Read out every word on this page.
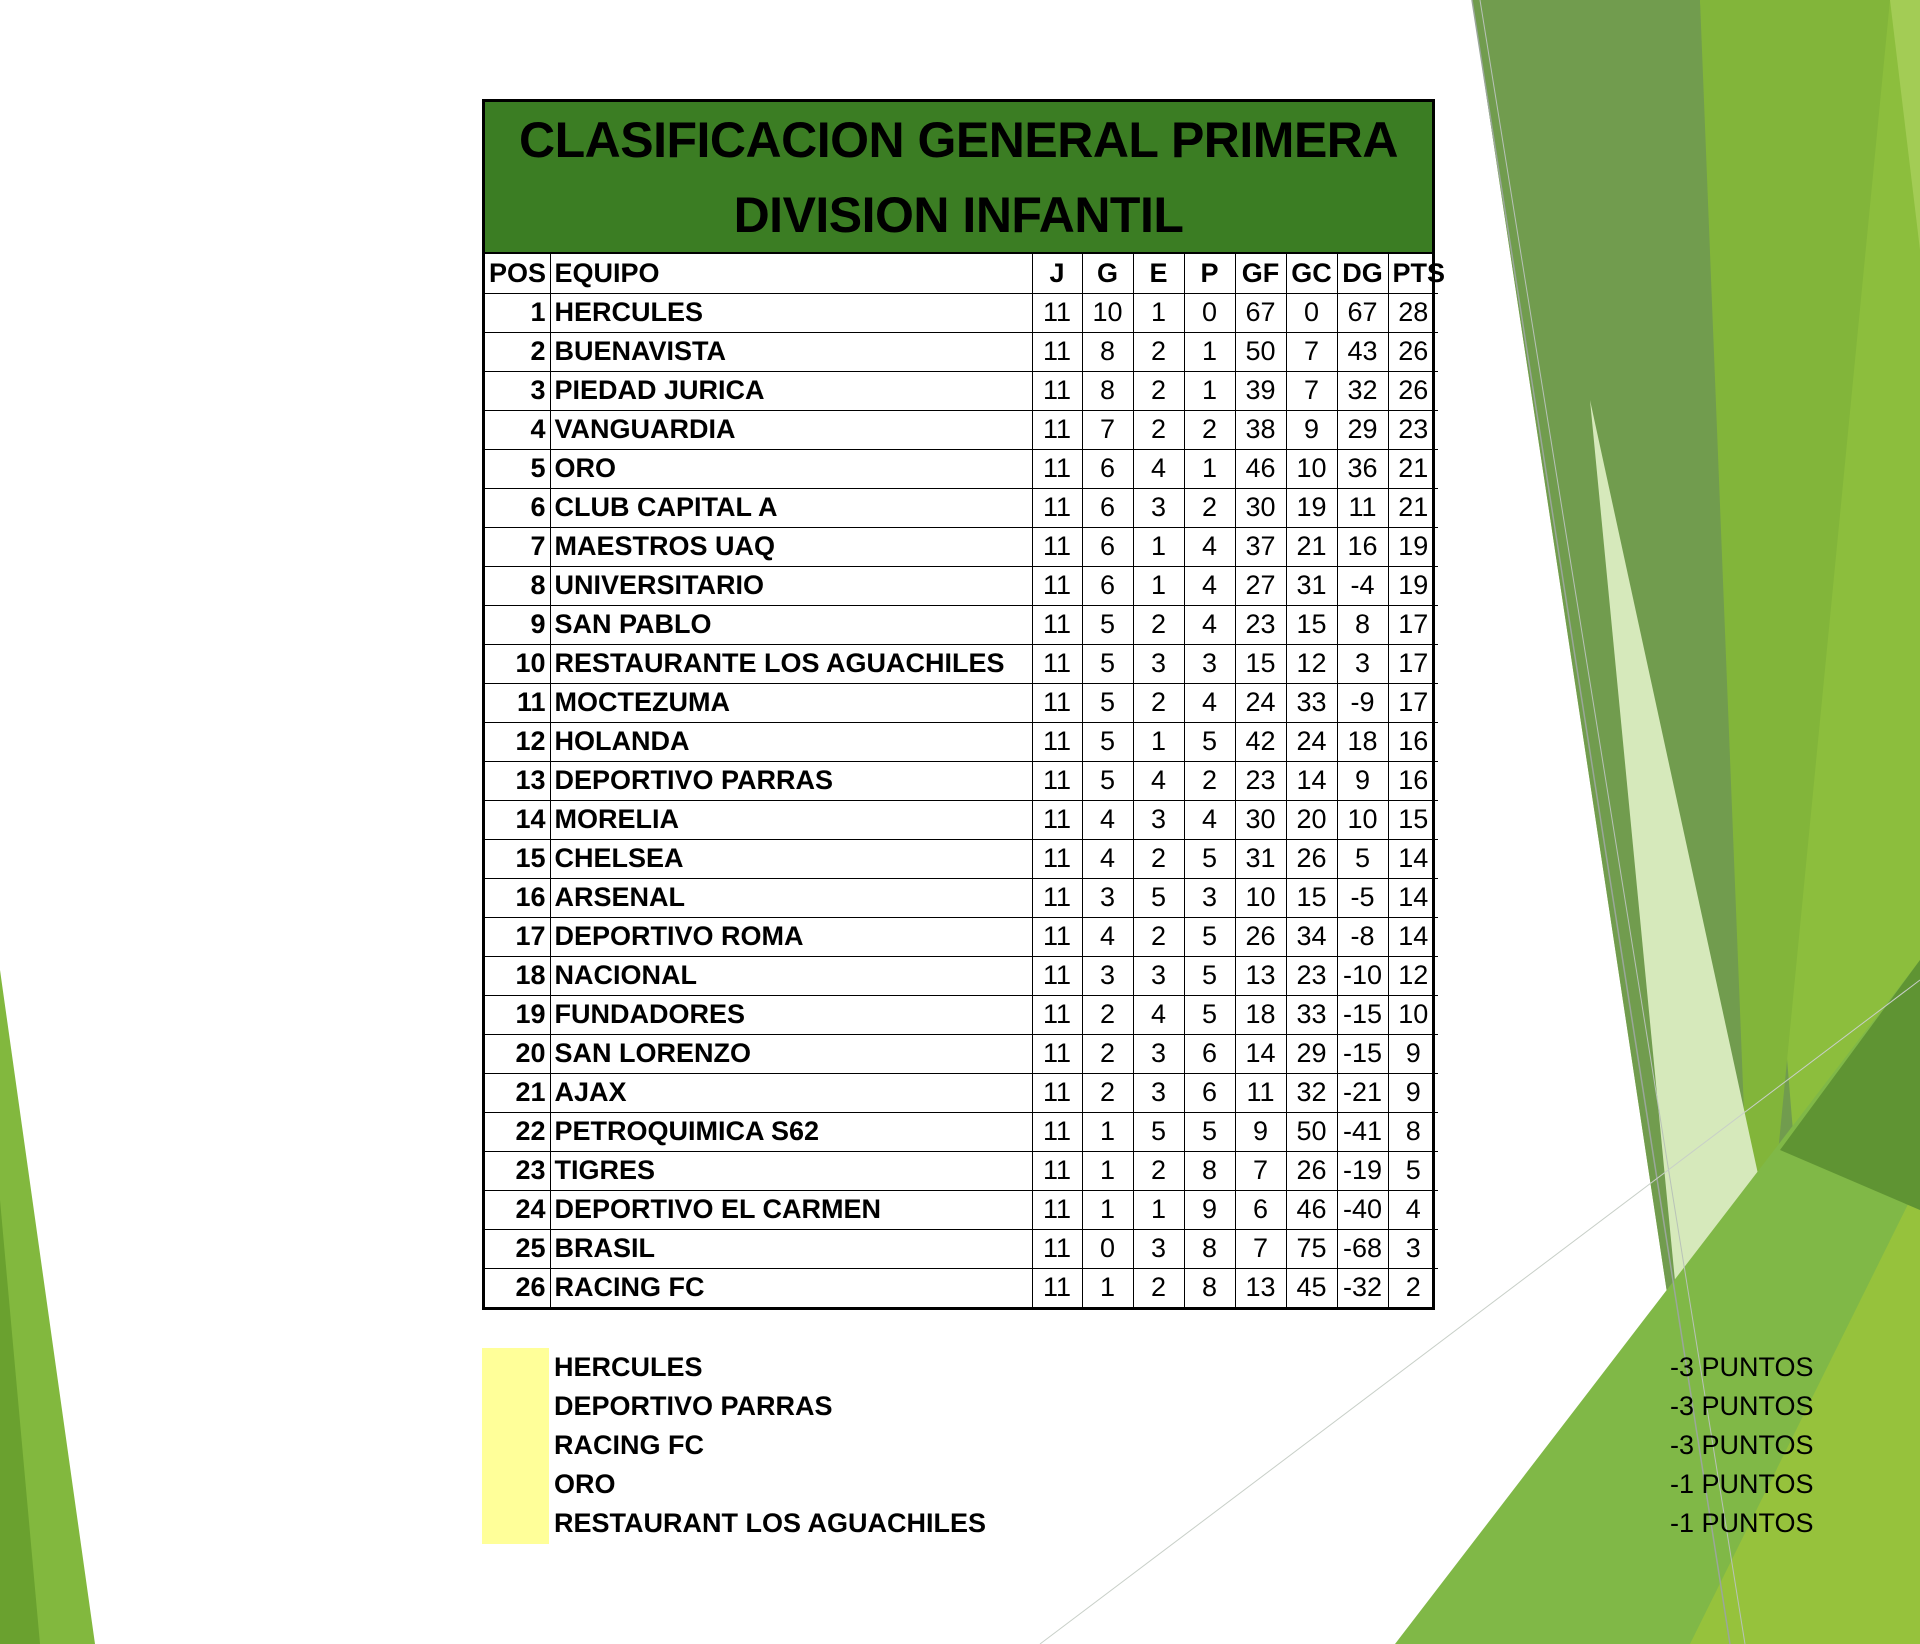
CLASIFICACION GENERAL PRIMERA
DIVISION INFANTIL
POS	EQUIPO	J	G	E	P	GF	GC	DG	PTS
1	HERCULES	11	10	1	0	67	0	67	28
2	BUENAVISTA	11	8	2	1	50	7	43	26
3	PIEDAD JURICA	11	8	2	1	39	7	32	26
4	VANGUARDIA	11	7	2	2	38	9	29	23
5	ORO	11	6	4	1	46	10	36	21
6	CLUB CAPITAL A	11	6	3	2	30	19	11	21
7	MAESTROS UAQ	11	6	1	4	37	21	16	19
8	UNIVERSITARIO	11	6	1	4	27	31	-4	19
9	SAN PABLO	11	5	2	4	23	15	8	17
10	RESTAURANTE LOS AGUACHILES	11	5	3	3	15	12	3	17
11	MOCTEZUMA	11	5	2	4	24	33	-9	17
12	HOLANDA	11	5	1	5	42	24	18	16
13	DEPORTIVO PARRAS	11	5	4	2	23	14	9	16
14	MORELIA	11	4	3	4	30	20	10	15
15	CHELSEA	11	4	2	5	31	26	5	14
16	ARSENAL	11	3	5	3	10	15	-5	14
17	DEPORTIVO ROMA	11	4	2	5	26	34	-8	14
18	NACIONAL	11	3	3	5	13	23	-10	12
19	FUNDADORES	11	2	4	5	18	33	-15	10
20	SAN LORENZO	11	2	3	6	14	29	-15	9
21	AJAX	11	2	3	6	11	32	-21	9
22	PETROQUIMICA S62	11	1	5	5	9	50	-41	8
23	TIGRES	11	1	2	8	7	26	-19	5
24	DEPORTIVO EL CARMEN	11	1	1	9	6	46	-40	4
25	BRASIL	11	0	3	8	7	75	-68	3
26	RACING FC	11	1	2	8	13	45	-32	2
HERCULES	-3 PUNTOS
DEPORTIVO PARRAS	-3 PUNTOS
RACING FC	-3 PUNTOS
ORO	-1 PUNTOS
RESTAURANT LOS AGUACHILES	-1 PUNTOS
